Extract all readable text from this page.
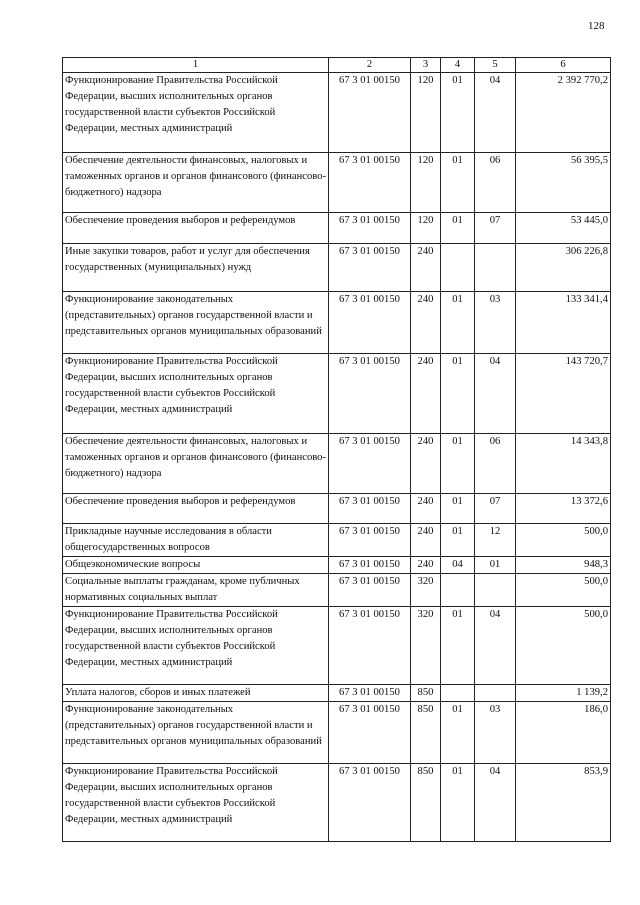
128
1	2	3	4	5	6
Функционирование Правительства Российской Федерации, высших исполнительных органов государственной власти субъектов Российской Федерации, местных администраций	67 3 01 00150	120	01	04	2 392 770,2
Обеспечение деятельности финансовых, налоговых и таможенных органов и органов финансового (финансово-бюджетного) надзора	67 3 01 00150	120	01	06	56 395,5
Обеспечение проведения выборов и референдумов	67 3 01 00150	120	01	07	53 445,0
Иные закупки товаров, работ и услуг для обеспечения государственных (муниципальных) нужд	67 3 01 00150	240			306 226,8
Функционирование законодательных (представительных) органов государственной власти и представительных органов муниципальных образований	67 3 01 00150	240	01	03	133 341,4
Функционирование Правительства Российской Федерации, высших исполнительных органов государственной власти субъектов Российской Федерации, местных администраций	67 3 01 00150	240	01	04	143 720,7
Обеспечение деятельности финансовых, налоговых и таможенных органов и органов финансового (финансово-бюджетного) надзора	67 3 01 00150	240	01	06	14 343,8
Обеспечение проведения выборов и референдумов	67 3 01 00150	240	01	07	13 372,6
Прикладные научные исследования в области общегосударственных вопросов	67 3 01 00150	240	01	12	500,0
Общеэкономические вопросы	67 3 01 00150	240	04	01	948,3
Социальные выплаты гражданам, кроме публичных нормативных социальных выплат	67 3 01 00150	320			500,0
Функционирование Правительства Российской Федерации, высших исполнительных органов государственной власти субъектов Российской Федерации, местных администраций	67 3 01 00150	320	01	04	500,0
Уплата налогов, сборов и иных платежей	67 3 01 00150	850			1 139,2
Функционирование законодательных (представительных) органов государственной власти и представительных органов муниципальных образований	67 3 01 00150	850	01	03	186,0
Функционирование Правительства Российской Федерации, высших исполнительных органов государственной власти субъектов Российской Федерации, местных администраций	67 3 01 00150	850	01	04	853,9
